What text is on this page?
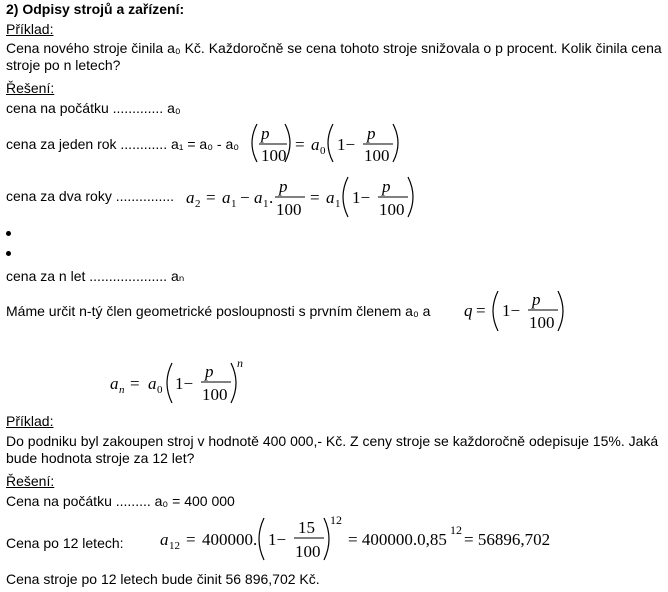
2) Odpisy strojů a zařízení:
Příklad:
Cena nového stroje činila a₀ Kč. Každoročně se cena tohoto stroje snižovala o p procent. Kolik činila cena stroje po n letech?
Řešení:
cena na počátku ............. a₀
cena za jeden rok ............ a₁ = a₀ - a₀
p
100
= a 0 1−
p
100
cena za dva roky ............... a 2 = a 1 − a 1 .
p
100
= a 1 1−
p
100
cena za n let .................... aₙ
Máme určit n-tý člen geometrické posloupnosti s prvním členem a₀ a q = 1−
p
100
a n = a 0 1−
p
100
n
Příklad:
Do podniku byl zakoupen stroj v hodnotě 400 000,- Kč. Z ceny stroje se každoročně odepisuje 15%. Jaká bude hodnota stroje za 12 let?
Řešení:
Cena na počátku ......... a₀ = 400 000
Cena po 12 letech: a 12 = 400000. 1−
15
100
12
= 400000.0,85 12 = 56896,702
Cena stroje po 12 letech bude činit 56 896,702 Kč.
